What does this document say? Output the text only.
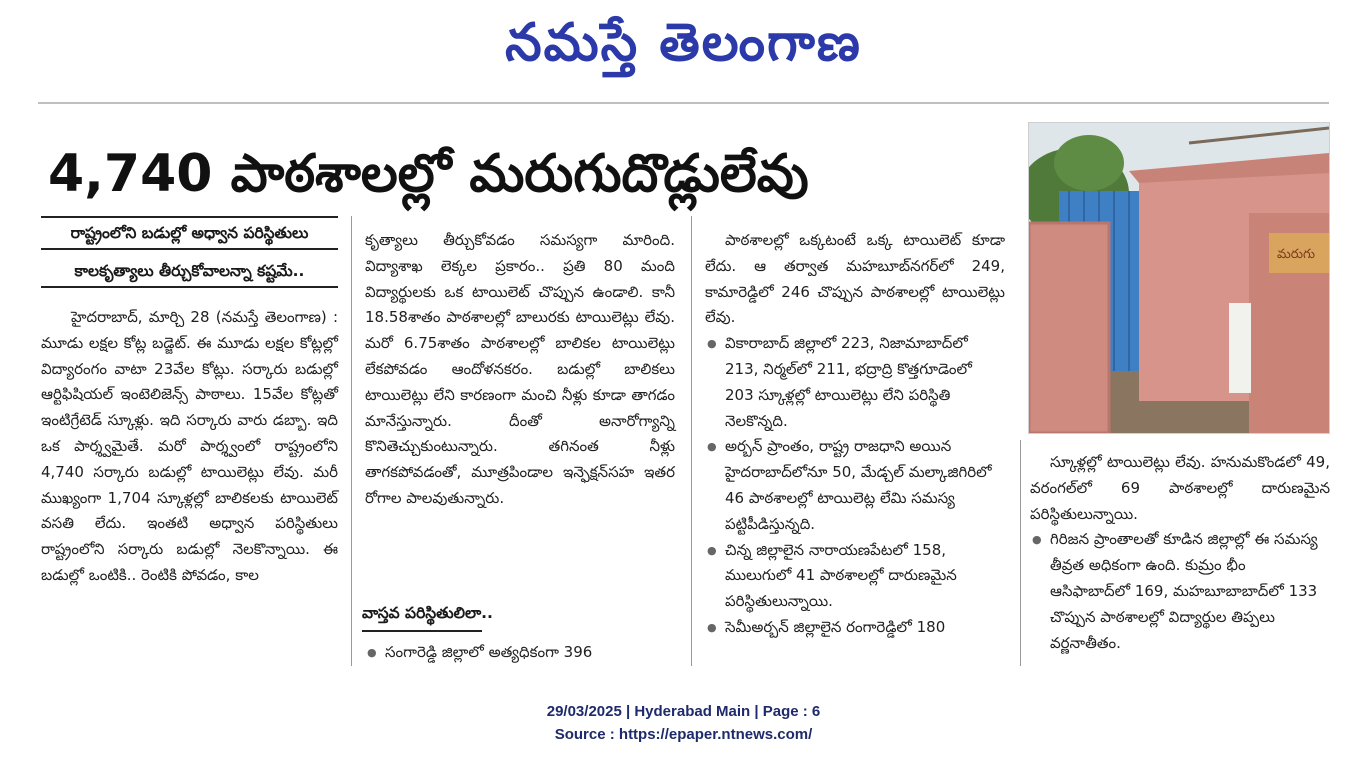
నమస్తే తెలంగాణ
4,740 పాఠశాలల్లో మరుగుదొడ్లులేవు
మరుగు
రాష్ట్రంలోని బడుల్లో అధ్వాన పరిస్థితులు
కాలకృత్యాలు తీర్చుకోవాలన్నా కష్టమే..

హైదరాబాద్, మార్చి 28 (నమస్తే తెలంగాణ) : మూడు లక్షల కోట్ల బడ్జెట్. ఈ మూడు లక్షల కోట్లల్లో విద్యారంగం వాటా 23వేల కోట్లు. సర్కారు బడుల్లో ఆర్టిఫిషియల్ ఇంటెలిజెన్స్ పాఠాలు. 15వేల కోట్లతో ఇంటిగ్రేటెడ్ స్కూళ్లు. ఇది సర్కారు వారు డబ్బా. ఇది ఒక పార్శ్వమైతే. మరో పార్శ్వంలో రాష్ట్రంలోని 4,740 సర్కారు బడుల్లో టాయిలెట్లు లేవు. మరీ ముఖ్యంగా 1,704 స్కూళ్లల్లో బాలికలకు టాయిలెట్ వసతి లేదు. ఇంతటి అధ్వాన పరిస్థితులు రాష్ట్రంలోని సర్కారు బడుల్లో నెలకొన్నాయి. ఈ బడుల్లో ఒంటికి.. రెంటికి పోవడం, కాల

కృత్యాలు తీర్చుకోవడం సమస్యగా మారింది. విద్యాశాఖ లెక్కల ప్రకారం.. ప్రతి 80 మంది విద్యార్థులకు ఒక టాయిలెట్ చొప్పున ఉండాలి. కానీ 18.58శాతం పాఠశాలల్లో బాలురకు టాయిలెట్లు లేవు. మరో 6.75శాతం పాఠశాలల్లో బాలికల టాయిలెట్లు లేకపోవడం ఆందోళనకరం. బడుల్లో బాలికలు టాయిలెట్లు లేని కారణంగా మంచి నీళ్లు కూడా తాగడం మానేస్తున్నారు. దీంతో అనారోగ్యాన్ని కొనితెచ్చుకుంటున్నారు. తగినంత నీళ్లు తాగకపోవడంతో, మూత్రపిండాల ఇన్ఫెక్షన్‌సహ ఇతర రోగాల పాలవుతున్నారు.

వాస్తవ పరిస్థితులిలా..

● సంగారెడ్డి జిల్లాలో అత్యధికంగా 396

పాఠశాలల్లో ఒక్కటంటే ఒక్క టాయిలెట్ కూడా లేదు. ఆ తర్వాత మహబూబ్‌నగర్‌లో 249, కామారెడ్డిలో 246 చొప్పున పాఠశాలల్లో టాయిలెట్లు లేవు.

● వికారాబాద్ జిల్లాలో 223, నిజామాబాద్‌లో 213, నిర్మల్‌లో 211, భద్రాద్రి కొత్తగూడెంలో 203 స్కూళ్లల్లో టాయిలెట్లు లేని పరిస్థితి నెలకొన్నది.

● అర్బన్ ప్రాంతం, రాష్ట్ర రాజధాని అయిన హైదరాబాద్‌లోనూ 50, మేడ్చల్ మల్కాజిగిరిలో 46 పాఠశాలల్లో టాయిలెట్ల లేమి సమస్య పట్టిపీడిస్తున్నది.

● చిన్న జిల్లాలైన నారాయణపేటలో 158, ములుగులో 41 పాఠశాలల్లో దారుణమైన పరిస్థితులున్నాయి.

● సెమీఅర్బన్ జిల్లాలైన రంగారెడ్డిలో 180

స్కూళ్లల్లో టాయిలెట్లు లేవు. హనుమకొండలో 49, వరంగల్‌లో 69 పాఠశాలల్లో దారుణమైన పరిస్థితులున్నాయి.

● గిరిజన ప్రాంతాలతో కూడిన జిల్లాల్లో ఈ సమస్య తీవ్రత అధికంగా ఉంది. కుమ్రం భీం ఆసిఫాబాద్‌లో 169, మహబూబాబాద్‌లో 133 చొప్పున పాఠశాలల్లో విద్యార్థుల తిప్పలు వర్ణనాతీతం.

29/03/2025 | Hyderabad Main | Page : 6
Source : https://epaper.ntnews.com/
